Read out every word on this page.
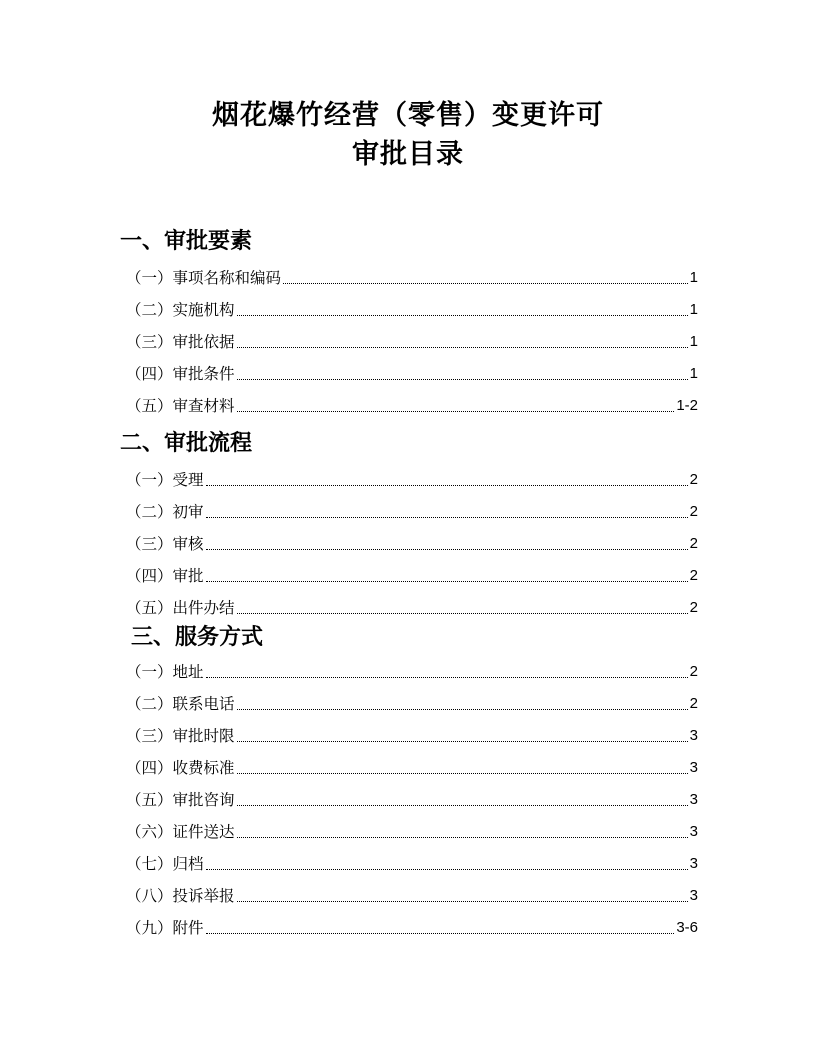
烟花爆竹经营（零售）变更许可
审批目录
一、审批要素
（一）事项名称和编码	1
（二）实施机构	1
（三）审批依据	1
（四）审批条件	1
（五）审查材料	1-2
二、审批流程
（一）受理	2
（二）初审	2
（三）审核	2
（四）审批	2
（五）出件办结	2
三、服务方式
（一）地址	2
（二）联系电话	2
（三）审批时限	3
（四）收费标准	3
（五）审批咨询	3
（六）证件送达	3
（七）归档	3
（八）投诉举报	3
（九）附件	3-6
